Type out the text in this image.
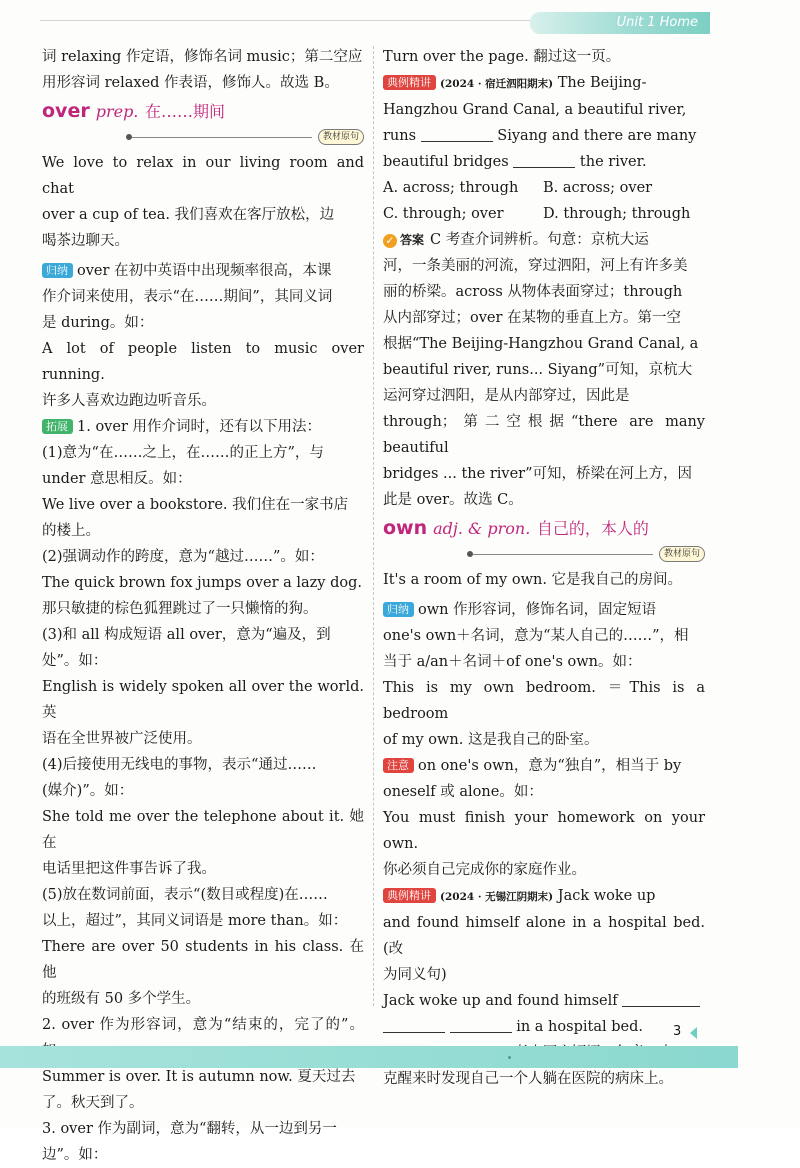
Unit 1 Home

词 relaxing 作定语，修饰名词 music；第二空应

用形容词 relaxed 作表语，修饰人。故选 B。

over prep. 在……期间
教材原句

We love to relax in our living room and chat

over a cup of tea. 我们喜欢在客厅放松，边

喝茶边聊天。

归纳 over 在初中英语中出现频率很高，本课

作介词来使用，表示“在……期间”，其同义词

是 during。如：

A lot of people listen to music over running.

许多人喜欢边跑边听音乐。

拓展 1. over 用作介词时，还有以下用法：

(1)意为“在……之上，在……的正上方”，与

under 意思相反。如：

We live over a bookstore. 我们住在一家书店

的楼上。

(2)强调动作的跨度，意为“越过……”。如：

The quick brown fox jumps over a lazy dog.

那只敏捷的棕色狐狸跳过了一只懒惰的狗。

(3)和 all 构成短语 all over，意为“遍及，到

处”。如：

English is widely spoken all over the world. 英

语在全世界被广泛使用。

(4)后接使用无线电的事物，表示“通过……

(媒介)”。如：

She told me over the telephone about it. 她在

电话里把这件事告诉了我。

(5)放在数词前面，表示“(数目或程度)在……

以上，超过”，其同义词语是 more than。如：

There are over 50 students in his class. 在他

的班级有 50 多个学生。

2. over 作为形容词，意为“结束的，完了的”。

Summer is over. It is autumn now. 夏天过去

了。秋天到了。

3. over 作为副词，意为“翻转，从一边到另一

边”。如：

Turn over the page. 翻过这一页。

典例精讲 (2024 · 宿迁泗阳期末) The Beijing-

Hangzhou Grand Canal, a beautiful river,

runs	Siyang and there are many

beautiful bridges	the river.

A. across; through	B. across; over
C. through; over	D. through; through

✓ 答案 C 考查介词辨析。句意：京杭大运

河，一条美丽的河流，穿过泗阳，河上有许多美

丽的桥梁。across 从物体表面穿过；through

从内部穿过；over 在某物的垂直上方。第一空

根据“The Beijing-Hangzhou Grand Canal, a

beautiful river, runs... Siyang”可知，京杭大

运河穿过泗阳，是从内部穿过，因此是

through；第二空根据“there are many beautiful

bridges ... the river”可知，桥梁在河上方，因

此是 over。故选 C。

own adj. & pron. 自己的，本人的
教材原句

It's a room of my own. 它是我自己的房间。

归纳 own 作形容词，修饰名词，固定短语

one's own＋名词，意为“某人自己的……”，相

当于 a/an＋名词＋of one's own。如：

This is my own bedroom. ＝This is a bedroom

of my own. 这是我自己的卧室。

注意 on one's own，意为“独自”，相当于 by

oneself 或 alone。如：

You must finish your homework on your own.

你必须自己完成你的家庭作业。

典例精讲 (2024 · 无锡江阴期末) Jack woke up

and found himself alone in a hospital bed. (改

为同义句)

Jack woke up and found himself

in a hospital bed.

克醒来时发现自己一个人躺在医院的病床上。

3
